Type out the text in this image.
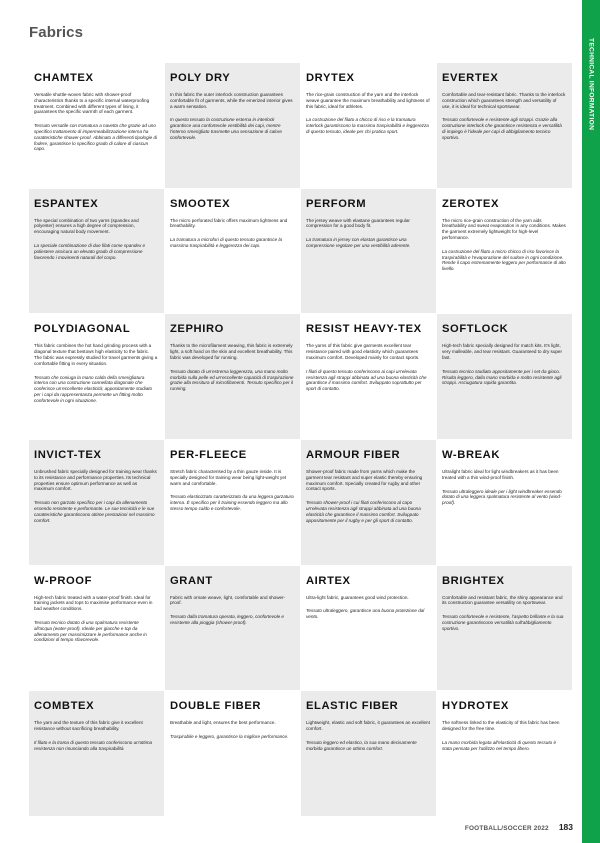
Fabrics
TECHNICAL INFORMATION
CHAMTEX
Versatile shuttle-woven fabric with shower-proof characteristics thanks to a specific internal waterproofing treatment. Combined with different types of lining, it guarantees the specific warmth of each garment.
Tessuto versatile con tramatura a navetta che grazie ad uno specifico trattamento di impermeabilizzazione interna ha caratteristiche shower-proof. Abbinato a differenti tipologie di fodere, garantisce lo specifico grado di calore di ciascun capo.
POLY DRY
In this fabric the outer interlock construction guarantees comfortable fit of garments, while the emerized interior gives a warm sensation.
In questo tessuto la costruzione esterna in interlock garantisce una confortevole vestibilità dei capi, mentre l'interno smerigliato trasmette una sensazione di calore confortevole.
DRYTEX
The rice-grain construction of the yarn and the interlock weave guarantee the maximum breathability and lightness of this fabric, ideal for athletes.
La costruzione del filato a chicco di riso e la tramatura interlock garantiscono la massima traspirabilità e leggerezza di questo tessuto, ideale per chi pratica sport.
EVERTEX
Comfortable and tear-resistant fabric. Thanks to the interlock construction which guarantees strength and versatility of use, it is ideal for technical sportswear.
Tessuto confortevole e resistente agli strappi. Grazie alla costruzione interlock che garantisce resistenza e versatilità di impiego è l'ideale per capi di abbigliamento tecnico sportivo.
ESPANTEX
The special combination of two yarns (spandex and polyester) ensures a high degree of compression, encouraging natural body movement.
La speciale combinazione di due filati come spandex e poliestere assicura un elevato grado di compressione favorendo i movimenti naturali del corpo.
SMOOTEX
The micro perforated fabric offers maximum lightness and breathability.
La tramatura a microfori di questo tessuto garantisce la massima traspirabilità e leggerezza dei capi.
PERFORM
The jersey weave with elastane guarantees regular compression for a good body fit.
La tramatura in jersey con elastan garantisce una compressione regolare per una vestibilità aderente.
ZEROTEX
The micro rice-grain construction of the yarn aids breathability and sweat evaporation in any conditions. Makes the garment extremely lightweight for high-level performance.
La costruzione del filato a micro chicco di riso favorisce la traspirabilità e l'evaporazione del sudore in ogni condizione. Rende il capo estremamente leggero per performance di alto livello.
POLYDIAGONAL
This fabric combines the hot hand grinding process with a diagonal texture that bestows high elasticity to the fabric. The fabric was expressly studied for travel garments giving a comfortable fitting in every situation.
Tessuto che coniuga la mano calda della smerigliatura interna con una costruzione cannellata diagonale che conferisce un'eccellente elasticità; appositamente studiato per i capi da rappresentanza permette un fitting molto confortevole in ogni situazione.
ZEPHIRO
Thanks to the microfilament weaving, this fabric is extremely light, a soft hand on the skin and excellent breathability. This fabric was developed for running.
Tessuto dotato di un'estrema leggerezza, una mano molto morbida sulla pelle ed un'eccellente capacità di traspirazione grazie alla tessitura di microfilamenti. Tessuto specifico per il running.
RESIST HEAVY-TEX
The yarns of this fabric give garments excellent tear resistance paired with good elasticity which guarantees maximum comfort. Developed mainly for contact sports.
I filati di questo tessuto conferiscono ai capi un'elevata resistenza agli strappi abbinata ad una buona elasticità che garantisce il massimo comfort. Sviluppato soprattutto per sport di contatto.
SOFTLOCK
High-tech fabric specially designed for match kits. It's light, very malleable, and tear resistant. Guaranteed to dry super fast.
Tessuto tecnico studiato appositamente per i set da gioco. Risulta leggero, dalla mano morbida e molto resistente agli strappi. Asciugatura rapida garantita.
INVICT-TEX
Unbrushed fabric specially designed for training wear thanks to its resistance and performance properties. Its technical properties ensure optimum performance as well as maximum comfort.
Tessuto non garzato specifico per i capi da allenamento essendo resistente e performante. Le sue tecnicità e le sue caratteristiche garantiscono ottime prestazioni nel massimo comfort.
PER-FLEECE
Stretch fabric characterised by a thin gauze inside. It is specially designed for training wear being light-weight yet warm and comfortable.
Tessuto elasticizzato caratterizzato da una leggera garzatura interna. È specifico per il training essendo leggero ma allo stesso tempo caldo e confortevole.
ARMOUR FIBER
Shower-proof fabric made from yarns which make the garment tear resistant and super elastic thereby ensuring maximum comfort. Specially created for rugby and other contact sports.
Tessuto shower-proof i cui filati conferiscono al capo un'elevata resistenza agli strappi abbinata ad una buona elasticità che garantisce il massimo comfort. Sviluppato appositamente per il rugby e per gli sport di contatto.
W-BREAK
Ultralight fabric ideal for light windbreakers as it has been treated with a thin wind-proof finish.
Tessuto ultraleggero ideale per i light windbreaker essendo dotato di una leggera spalmatura resistente al vento (wind-proof).
W-PROOF
High-tech fabric treated with a water-proof finish. Ideal for training jackets and tops to maximise performance even in bad weather conditions.
Tessuto tecnico dotato di una spalmatura resistente all'acqua (water-proof). Ideale per giacche e top da allenamento per massimizzare le performance anche in condizioni di tempo sfavorevole.
GRANT
Fabric with ornate weave, light, comfortable and shower-proof.
Tessuto dalla tramatura operata, leggero, confortevole e resistente alla pioggia (shower-proof).
AIRTEX
Ultra-light fabric, guarantees good wind protection.
Tessuto ultraleggero, garantisce una buona protezione dal vento.
BRIGHTEX
Comfortable and resistant fabric, the shiny appearance and its construction guarantee versatility on sportswear.
Tessuto confortevole e resistente, l'aspetto brillante e la sua costruzione garantiscono versatilità sull'abbigliamento sportivo.
COMBTEX
The yarn and the texture of this fabric give it excellent resistance without sacrificing breathability.
Il filato e la trama di questo tessuto conferiscono un'ottima resistenza non rinunciando alla traspirabilità.
DOUBLE FIBER
Breathable and light, ensures the best performance.
Traspirabile e leggero, garantisce la migliore performance.
ELASTIC FIBER
Lightweight, elastic and soft fabric, it guarantees an excellent comfort.
Tessuto leggero ed elastico, la sua mano decisamente morbida garantisce un ottimo comfort.
HYDROTEX
The softness linked to the elasticity of this fabric has been designed for the free time.
La mano morbida legata all'elasticità di questo tessuto è stata pensata per l'utilizzo nel tempo libero.
FOOTBALL/SOCCER 2022 183
